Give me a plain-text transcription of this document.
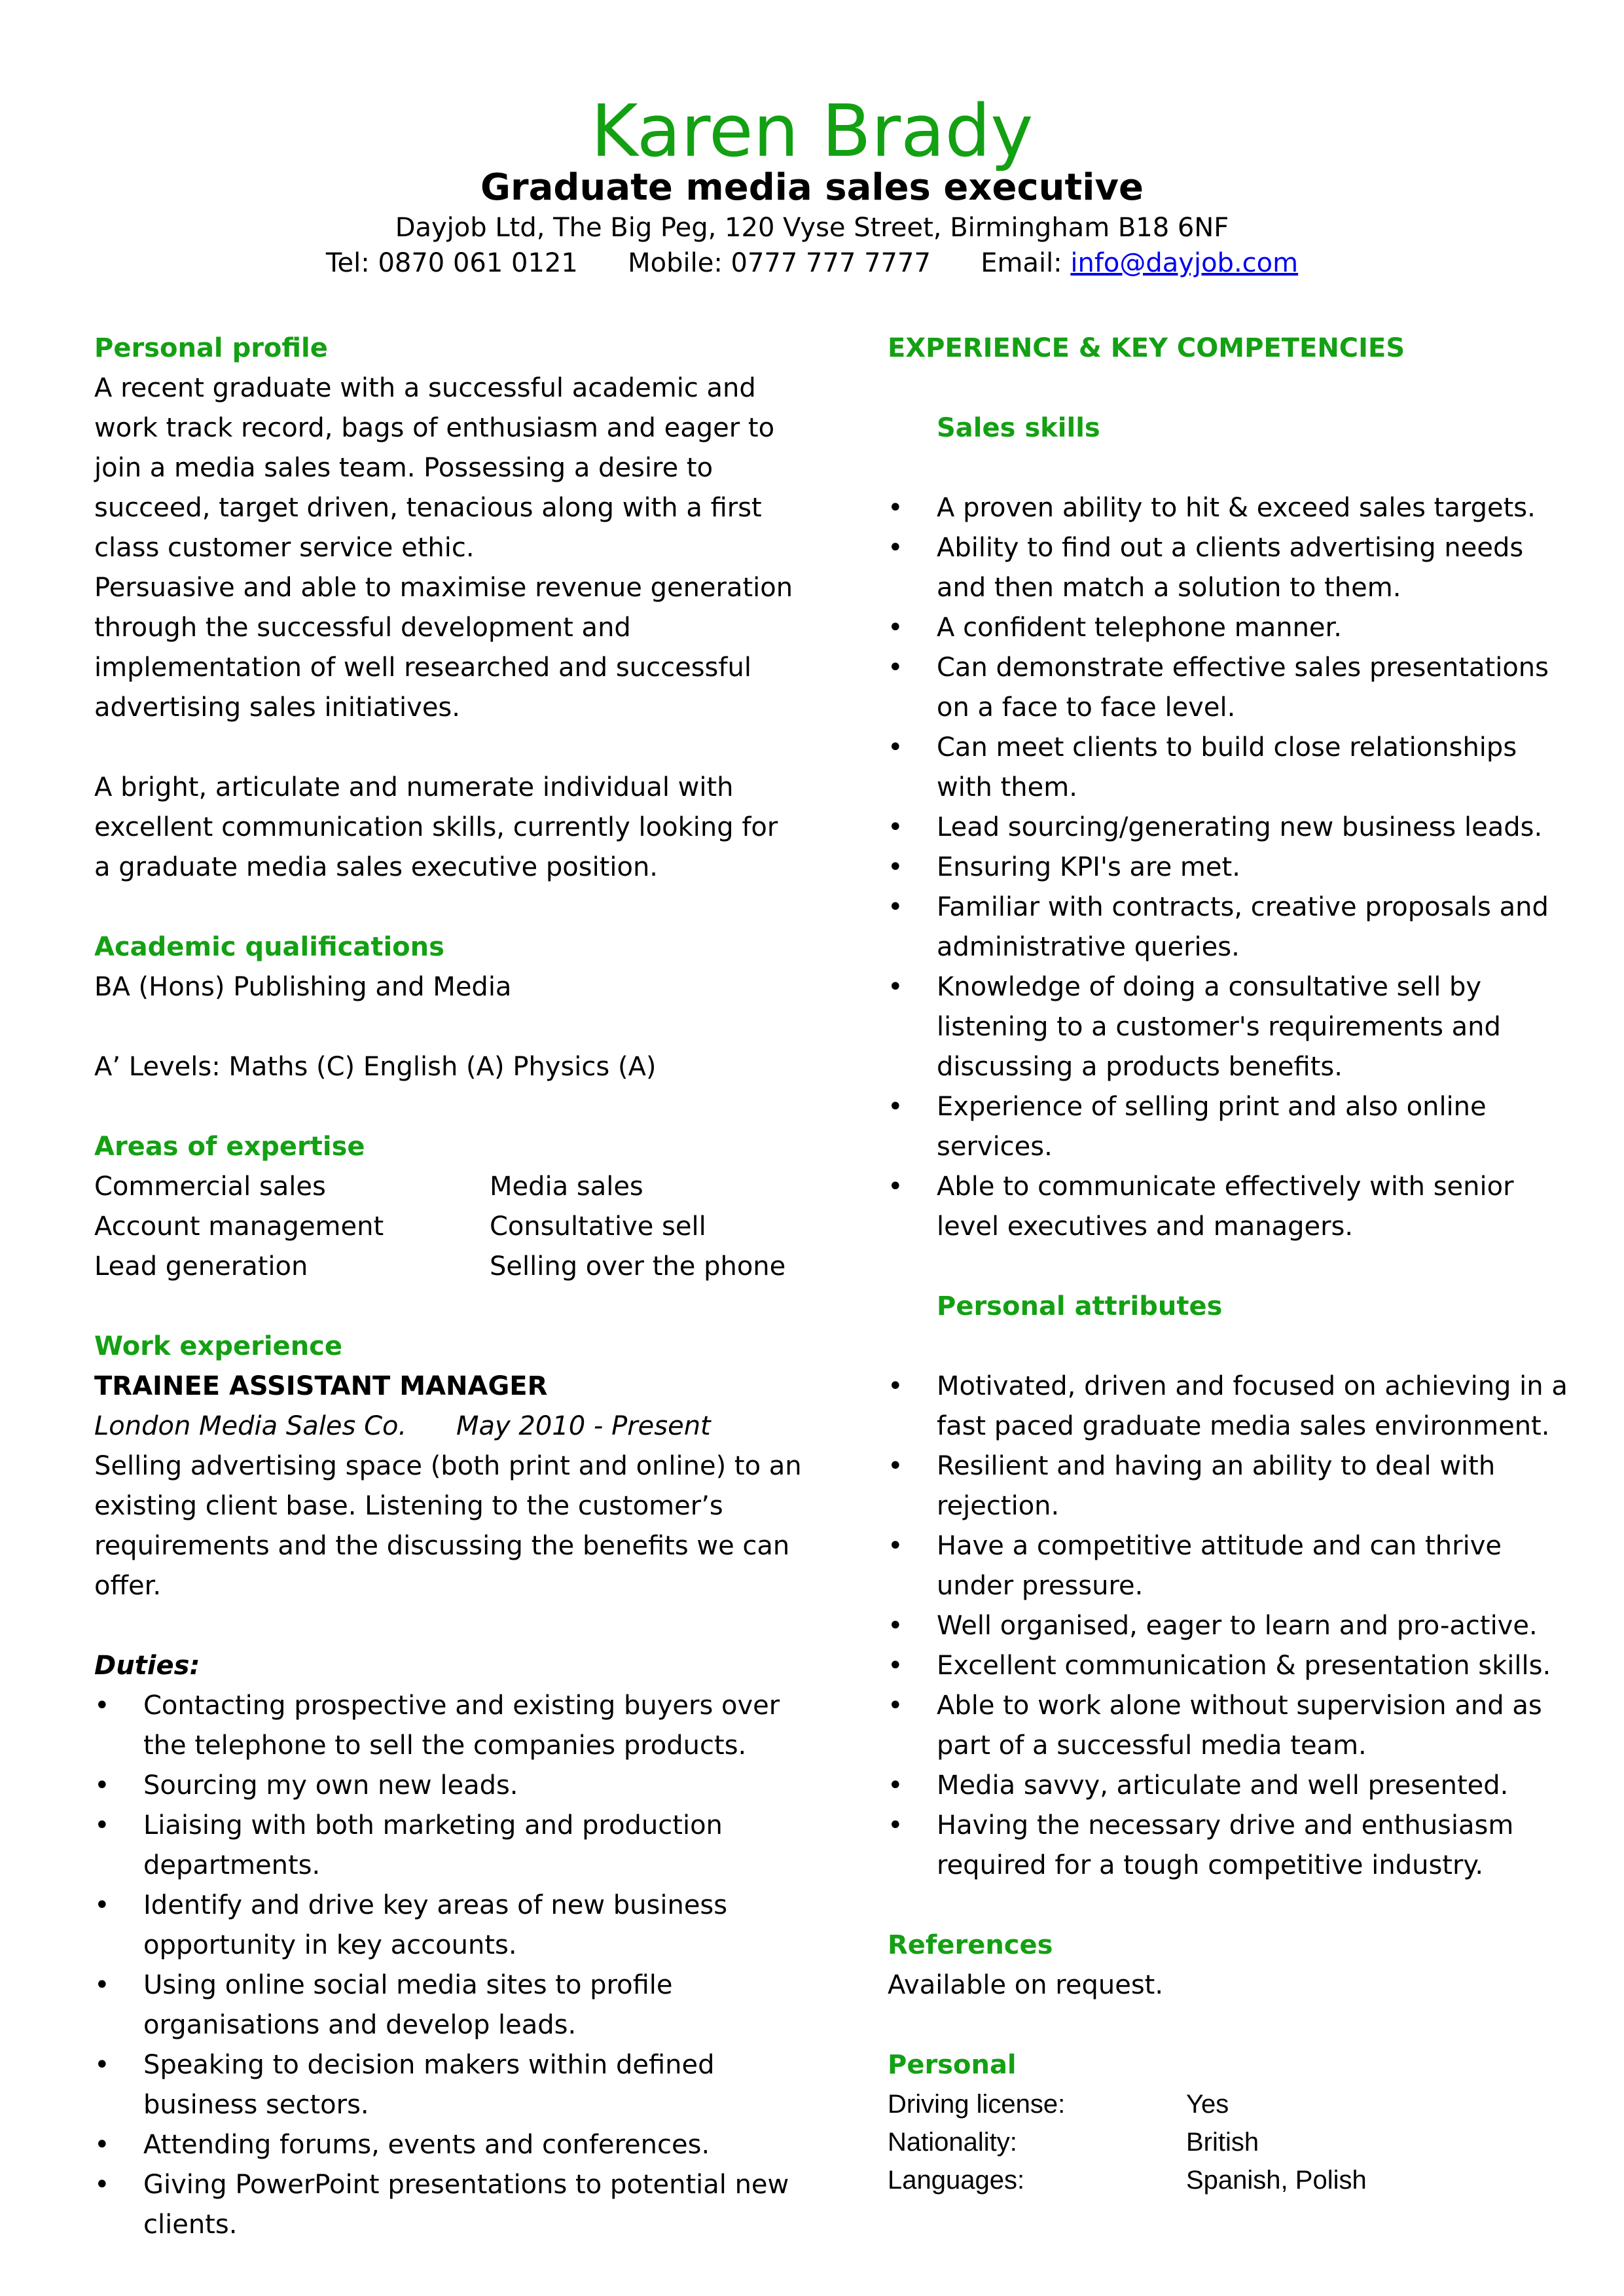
Karen Brady
Graduate media sales executive
Dayjob Ltd, The Big Peg, 120 Vyse Street, Birmingham B18 6NF
Tel: 0870 061 0121 Mobile: 0777 777 7777 Email: info@dayjob.com
Personal profile
A recent graduate with a successful academic and
work track record, bags of enthusiasm and eager to
join a media sales team. Possessing a desire to
succeed, target driven, tenacious along with a first
class customer service ethic.
Persuasive and able to maximise revenue generation
through the successful development and
implementation of well researched and successful
advertising sales initiatives.
A bright, articulate and numerate individual with
excellent communication skills, currently looking for
a graduate media sales executive position.
Academic qualifications
BA (Hons) Publishing and Media
A’ Levels: Maths (C) English (A) Physics (A)
Areas of expertise
Commercial sales	Media sales
Account management	Consultative sell
Lead generation	Selling over the phone
Work experience
TRAINEE ASSISTANT MANAGER
London Media Sales Co. May 2010 - Present
Selling advertising space (both print and online) to an
existing client base. Listening to the customer’s
requirements and the discussing the benefits we can
offer.
Duties:
• Contacting prospective and existing buyers over
the telephone to sell the companies products.
• Sourcing my own new leads.
• Liaising with both marketing and production
departments.
• Identify and drive key areas of new business
opportunity in key accounts.
• Using online social media sites to profile
organisations and develop leads.
• Speaking to decision makers within defined
business sectors.
• Attending forums, events and conferences.
• Giving PowerPoint presentations to potential new
clients.
EXPERIENCE & KEY COMPETENCIES
Sales skills
• A proven ability to hit & exceed sales targets.
• Ability to find out a clients advertising needs
and then match a solution to them.
• A confident telephone manner.
• Can demonstrate effective sales presentations
on a face to face level.
• Can meet clients to build close relationships
with them.
• Lead sourcing/generating new business leads.
• Ensuring KPI's are met.
• Familiar with contracts, creative proposals and
administrative queries.
• Knowledge of doing a consultative sell by
listening to a customer's requirements and
discussing a products benefits.
• Experience of selling print and also online
services.
• Able to communicate effectively with senior
level executives and managers.
Personal attributes
• Motivated, driven and focused on achieving in a
fast paced graduate media sales environment.
• Resilient and having an ability to deal with
rejection.
• Have a competitive attitude and can thrive
under pressure.
• Well organised, eager to learn and pro-active.
• Excellent communication & presentation skills.
• Able to work alone without supervision and as
part of a successful media team.
• Media savvy, articulate and well presented.
• Having the necessary drive and enthusiasm
required for a tough competitive industry.
References
Available on request.
Personal
Driving license:	Yes
Nationality:	British
Languages:	Spanish, Polish
